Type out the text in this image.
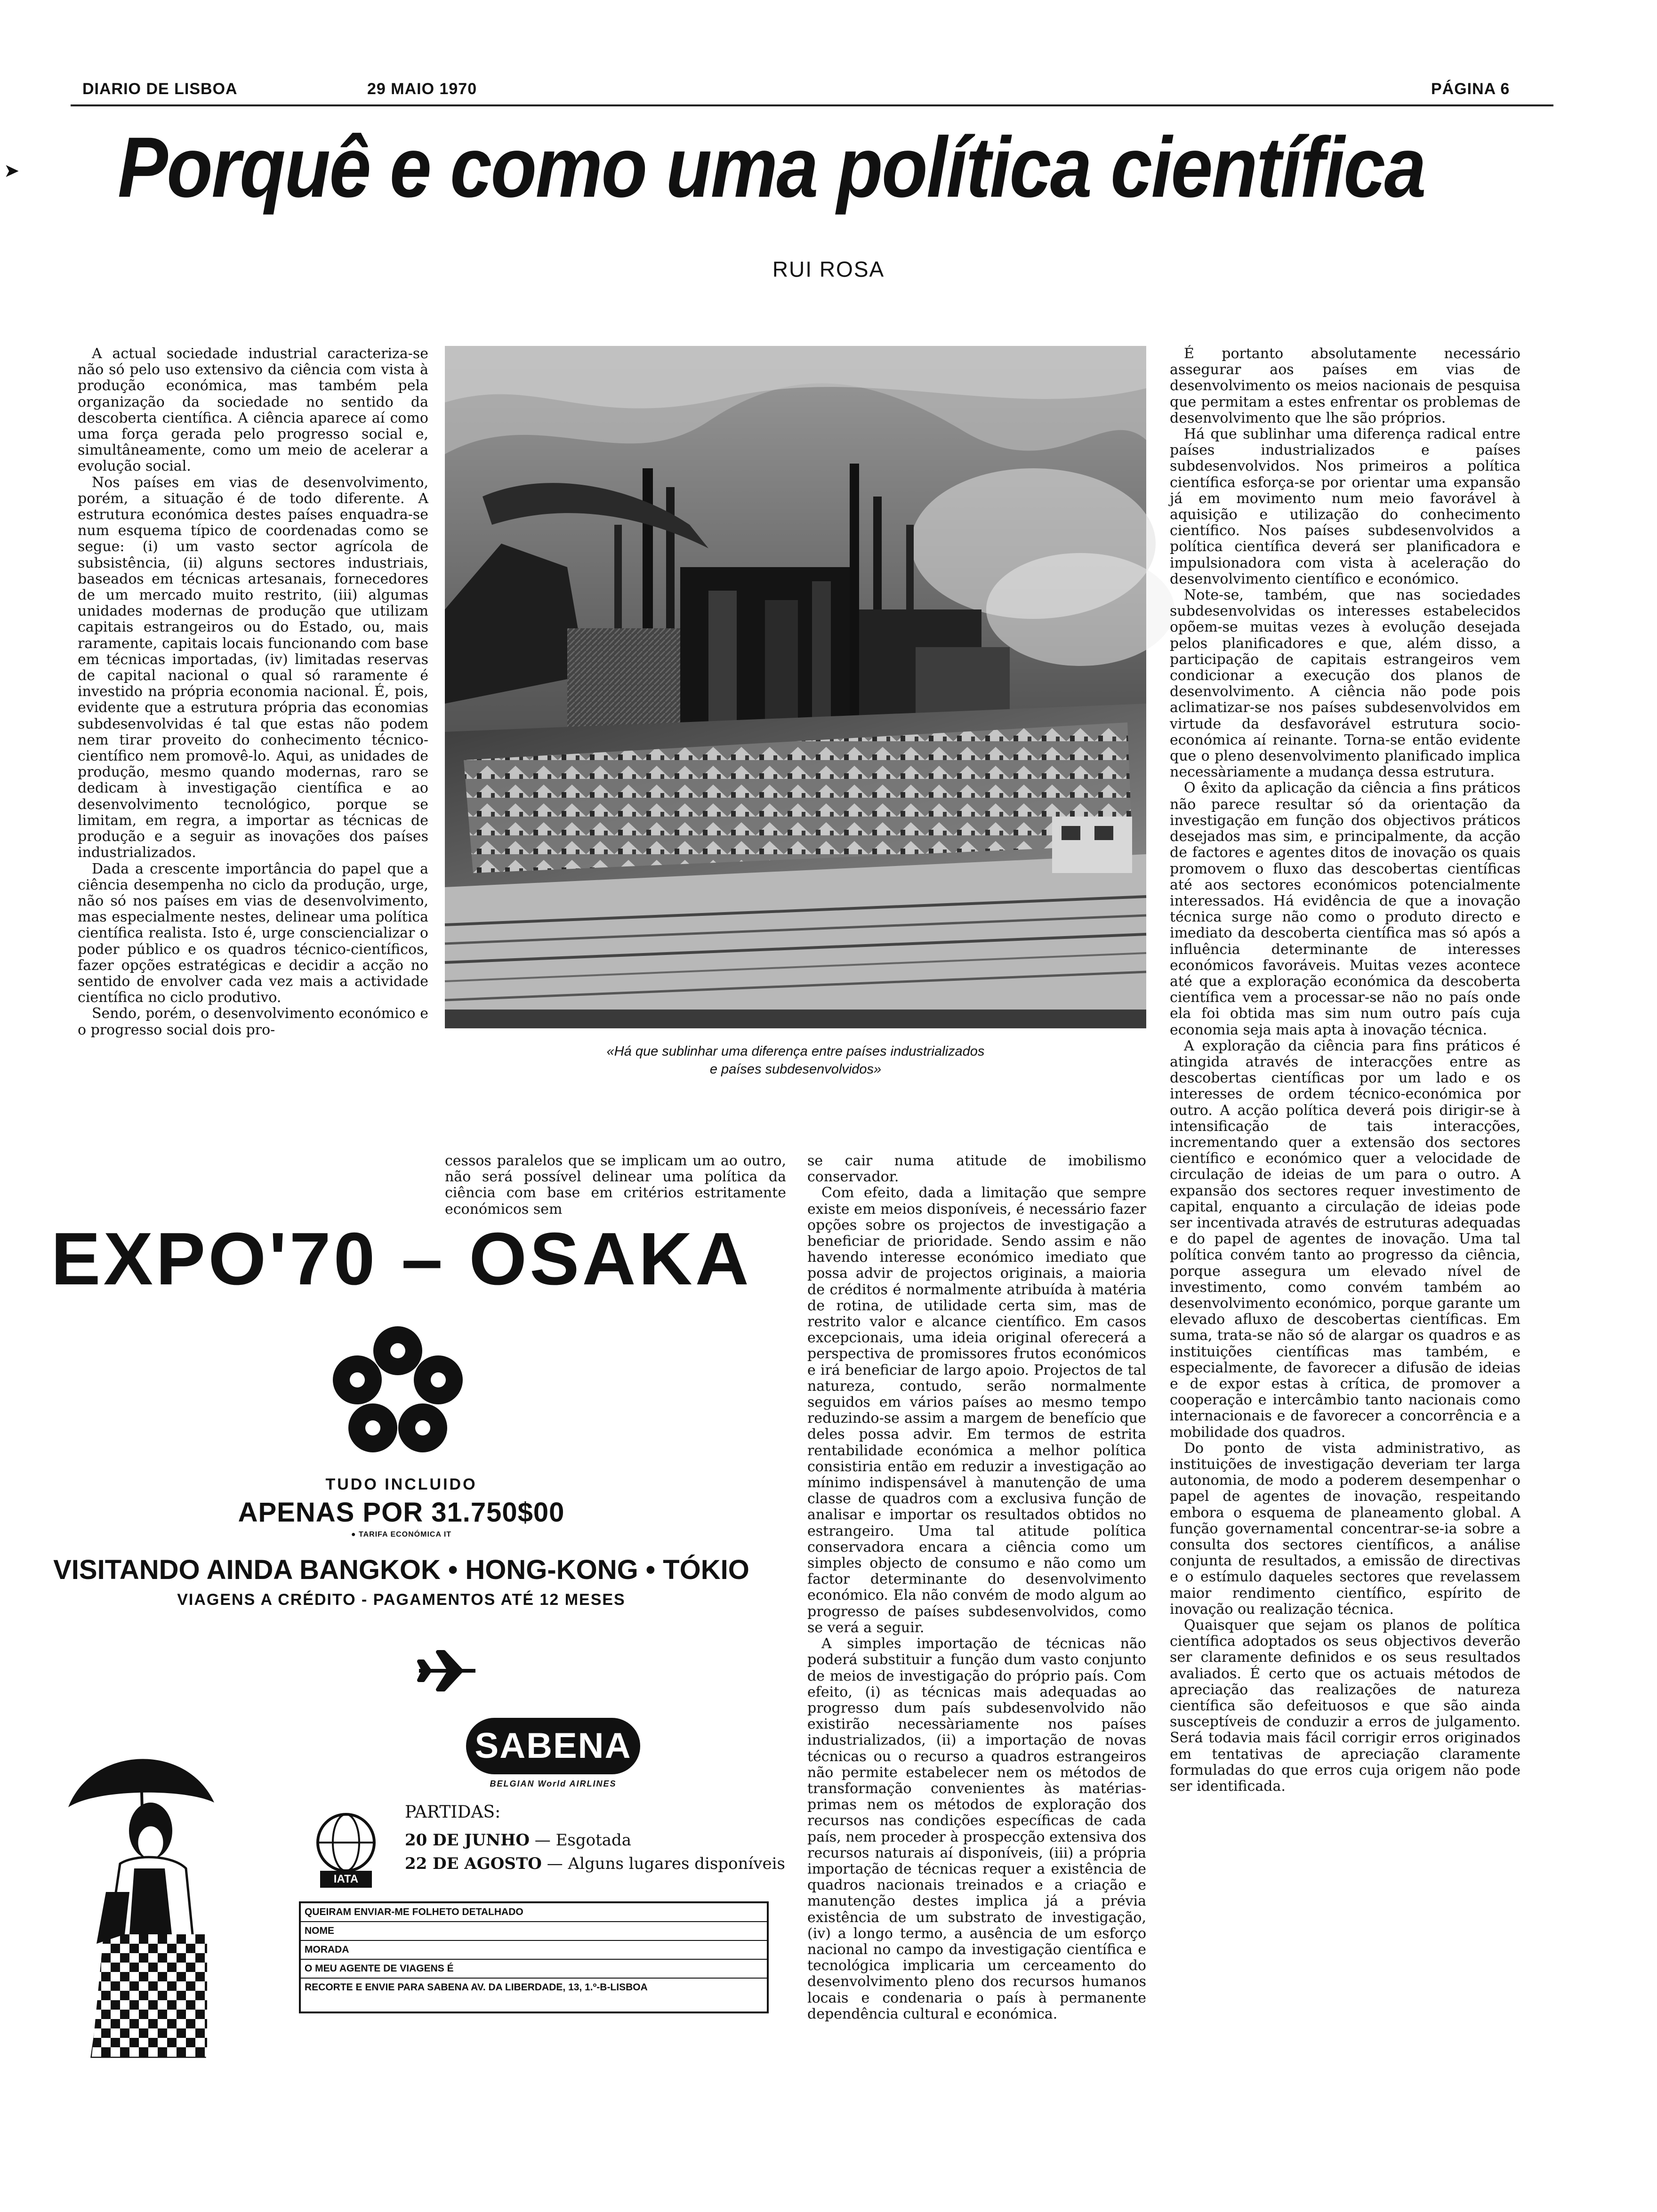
DIARIO DE LISBOA	29 MAIO 1970	PÁGINA 6
➤ Porquê e como uma política científica
RUI ROSA

A actual sociedade industrial caracteriza-se não só pelo uso extensivo da ciência com vista à produção económica, mas também pela organização da sociedade no sentido da descoberta científica. A ciência aparece aí como uma força gerada pelo progresso social e, simultâneamente, como um meio de acelerar a evolução social.

Nos países em vias de desenvolvimento, porém, a situação é de todo diferente. A estrutura económica destes países enquadra-se num esquema típico de coordenadas como se segue: (i) um vasto sector agrícola de subsistência, (ii) alguns sectores industriais, baseados em técnicas artesanais, fornecedores de um mercado muito restrito, (iii) algumas unidades modernas de produção que utilizam capitais estrangeiros ou do Estado, ou, mais raramente, capitais locais funcionando com base em técnicas importadas, (iv) limitadas reservas de capital nacional o qual só raramente é investido na própria economia nacional. É, pois, evidente que a estrutura própria das economias subdesenvolvidas é tal que estas não podem nem tirar proveito do conhecimento técnico-científico nem promovê-lo. Aqui, as unidades de produção, mesmo quando modernas, raro se dedicam à investigação científica e ao desenvolvimento tecnológico, porque se limitam, em regra, a importar as técnicas de produção e a seguir as inovações dos países industrializados.

Dada a crescente importância do papel que a ciência desempenha no ciclo da produção, urge, não só nos países em vias de desenvolvimento, mas especialmente nestes, delinear uma política científica realista. Isto é, urge consciencializar o poder público e os quadros técnico-científicos, fazer opções estratégicas e decidir a acção no sentido de envolver cada vez mais a actividade científica no ciclo produtivo.

Sendo, porém, o desenvolvimento económico e o progresso social dois pro-

«Há que sublinhar uma diferença entre países industrializados
e países subdesenvolvidos»

cessos paralelos que se implicam um ao outro, não será possível delinear uma política da ciência com base em critérios estritamente económicos sem

se cair numa atitude de imobilismo conservador.

Com efeito, dada a limitação que sempre existe em meios disponíveis, é necessário fazer opções sobre os projectos de investigação a beneficiar de prioridade. Sendo assim e não havendo interesse económico imediato que possa advir de projectos originais, a maioria de créditos é normalmente atribuída à matéria de rotina, de utilidade certa sim, mas de restrito valor e alcance científico. Em casos excepcionais, uma ideia original oferecerá a perspectiva de promissores frutos económicos e irá beneficiar de largo apoio. Projectos de tal natureza, contudo, serão normalmente seguidos em vários países ao mesmo tempo reduzindo-se assim a margem de benefício que deles possa advir. Em termos de estrita rentabilidade económica a melhor política consistiria então em reduzir a investigação ao mínimo indispensável à manutenção de uma classe de quadros com a exclusiva função de analisar e importar os resultados obtidos no estrangeiro. Uma tal atitude política conservadora encara a ciência como um simples objecto de consumo e não como um factor determinante do desenvolvimento económico. Ela não convém de modo algum ao progresso de países subdesenvolvidos, como se verá a seguir.

A simples importação de técnicas não poderá substituir a função dum vasto conjunto de meios de investigação do próprio país. Com efeito, (i) as técnicas mais adequadas ao progresso dum país subdesenvolvido não existirão necessàriamente nos países industrializados, (ii) a importação de novas técnicas ou o recurso a quadros estrangeiros não permite estabelecer nem os métodos de transformação convenientes às matérias-primas nem os métodos de exploração dos recursos nas condições específicas de cada país, nem proceder à prospecção extensiva dos recursos naturais aí disponíveis, (iii) a própria importação de técnicas requer a existência de quadros nacionais treinados e a criação e manutenção destes implica já a prévia existência de um substrato de investigação, (iv) a longo termo, a ausência de um esforço nacional no campo da investigação científica e tecnológica implicaria um cerceamento do desenvolvimento pleno dos recursos humanos locais e condenaria o país à permanente dependência cultural e económica.

É portanto absolutamente necessário assegurar aos países em vias de desenvolvimento os meios nacionais de pesquisa que permitam a estes enfrentar os problemas de desenvolvimento que lhe são próprios.

Há que sublinhar uma diferença radical entre países industrializados e países subdesenvolvidos. Nos primeiros a política científica esforça-se por orientar uma expansão já em movimento num meio favorável à aquisição e utilização do conhecimento científico. Nos países subdesenvolvidos a política científica deverá ser planificadora e impulsionadora com vista à aceleração do desenvolvimento científico e económico.

Note-se, também, que nas sociedades subdesenvolvidas os interesses estabelecidos opõem-se muitas vezes à evolução desejada pelos planificadores e que, além disso, a participação de capitais estrangeiros vem condicionar a execução dos planos de desenvolvimento. A ciência não pode pois aclimatizar-se nos países subdesenvolvidos em virtude da desfavorável estrutura socio-económica aí reinante. Torna-se então evidente que o pleno desenvolvimento planificado implica necessàriamente a mudança dessa estrutura.

O êxito da aplicação da ciência a fins práticos não parece resultar só da orientação da investigação em função dos objectivos práticos desejados mas sim, e principalmente, da acção de factores e agentes ditos de inovação os quais promovem o fluxo das descobertas científicas até aos sectores económicos potencialmente interessados. Há evidência de que a inovação técnica surge não como o produto directo e imediato da descoberta científica mas só após a influência determinante de interesses económicos favoráveis. Muitas vezes acontece até que a exploração económica da descoberta científica vem a processar-se não no país onde ela foi obtida mas sim num outro país cuja economia seja mais apta à inovação técnica.

A exploração da ciência para fins práticos é atingida através de interacções entre as descobertas científicas por um lado e os interesses de ordem técnico-económica por outro. A acção política deverá pois dirigir-se à intensificação de tais interacções, incrementando quer a extensão dos sectores científico e económico quer a velocidade de circulação de ideias de um para o outro. A expansão dos sectores requer investimento de capital, enquanto a circulação de ideias pode ser incentivada através de estruturas adequadas e do papel de agentes de inovação. Uma tal política convém tanto ao progresso da ciência, porque assegura um elevado nível de investimento, como convém também ao desenvolvimento económico, porque garante um elevado afluxo de descobertas científicas. Em suma, trata-se não só de alargar os quadros e as instituições científicas mas também, e especialmente, de favorecer a difusão de ideias e de expor estas à crítica, de promover a cooperação e intercâmbio tanto nacionais como internacionais e de favorecer a concorrência e a mobilidade dos quadros.

Do ponto de vista administrativo, as instituições de investigação deveriam ter larga autonomia, de modo a poderem desempenhar o papel de agentes de inovação, respeitando embora o esquema de planeamento global. A função governamental concentrar-se-ia sobre a consulta dos sectores científicos, a análise conjunta de resultados, a emissão de directivas e o estímulo daqueles sectores que revelassem maior rendimento científico, espírito de inovação ou realização técnica.

Quaisquer que sejam os planos de política científica adoptados os seus objectivos deverão ser claramente definidos e os seus resultados avaliados. É certo que os actuais métodos de apreciação das realizações de natureza científica são defeituosos e que são ainda susceptíveis de conduzir a erros de julgamento. Será todavia mais fácil corrigir erros originados em tentativas de apreciação claramente formuladas do que erros cuja origem não pode ser identificada.

EXPO'70 – OSAKA
TUDO INCLUIDO
APENAS POR 31.750$00
● TARIFA ECONÓMICA IT
VISITANDO AINDA BANGKOK • HONG-KONG • TÓKIO
VIAGENS A CRÉDITO - PAGAMENTOS ATÉ 12 MESES
SABENA
BELGIAN World AIRLINES
IATA
PARTIDAS:
20 DE JUNHO — Esgotada
22 DE AGOSTO — Alguns lugares disponíveis
QUEIRAM ENVIAR-ME FOLHETO DETALHADO
NOME
MORADA
O MEU AGENTE DE VIAGENS É
RECORTE E ENVIE PARA SABENA AV. DA LIBERDADE, 13, 1.º-B-LISBOA
